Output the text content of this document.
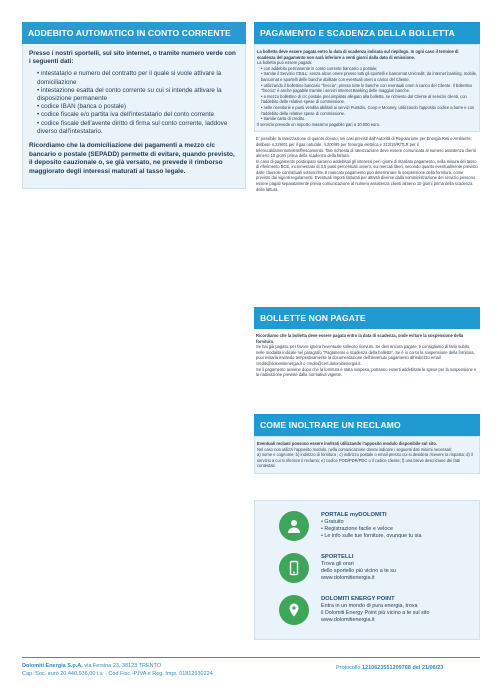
ADDEBITO AUTOMATICO IN CONTO CORRENTE

Presso i nostri sportelli, sul sito internet, o tramite numero verde con i seguenti dati:

• intestatario e numero del contratto per il quale si vuole attivare la domiciliazione
• intestazione esatta del conto corrente su cui si intende attivare la disposizione permanente
• codice IBAN (banca o postale)
• codice fiscale e/o partita iva dell'intestatario del conto corrente
• codice fiscale dell'avente diritto di firma sul conto corrente, laddove diverso dall'intestatario.

Ricordiamo che la domiciliazione dei pagamenti a mezzo c/c bancario o postale (SEPADD) permette di evitare, quando previsto, il deposito cauzionale o, se già versato, ne prevede il rimborso maggiorato degli interessi maturati al tasso legale.

PAGAMENTO E SCADENZA DELLA BOLLETTA

La bolletta deve essere pagata entro la data di scadenza indicata sul riepilogo. In ogni caso il termine di scadenza del pagamento non sarà inferiore a venti giorni dalla data di emissione.

La bolletta può essere pagata:

• con addebito permanente in conto corrente bancario o postale;
• tramite il Servizio CBILL: senza alcun onere presso tutti gli sportelli e bancomat Unicredit; da internet banking, mobile, bancomat e sportelli delle banche abilitate con eventuali oneri a carico del Cliente.
• utilizzando il bollettino bancario "freccia", presso tutte le banche con eventuali oneri a carico del Cliente. Il bollettino "freccia" è anche pagabile tramite i servizi Internet Banking delle maggiori banche.
• a mezzo bollettino di c/c postale precompilato allegato alla bolletta, se richiesto dal Cliente al servizio clienti, con l'addebito delle relative spese di commissione.
• nelle ricevitorie e punti vendita abilitati ai servizi Puntolis, Coop e Mooney, utilizzando l'apposito codice a barre e con l'addebito delle relative spese di commissione.
• tramite carta di credito.

Il servizio prevede un importo massimo pagabile pari a 10.000 euro.

E' possibile la rateizzazione di quanto dovuto, nei casi previsti dall'Autorità di Regolazione per Energia Reti e Ambiente; delibere n.229/01 per il gas naturale, n.200/99 per l'energia elettrica e 313/19/R/TLR per il teleriscaldamento/teleraffrescamento. Tale richiesta di rateizzazione deve essere comunicata al numero assistenza clienti almeno 10 giorni prima della scadenza della fattura.

In caso di pagamento posticipato saranno addebitati gli interessi per i giorni di ritardato pagamento, nella misura del tasso di riferimento BCE, incrementato di 3,5 punti percentuali ovvero, sui mercati liberi, secondo quanto eventualmente previsto dalle clausole contrattuali sottoscritte. Il mancato pagamento può determinare la sospensione della fornitura, come previsto dai vigenti regolamenti. Eventuali importi fatturati per attività diverse dalla somministrazione del servizio possono essere pagati separatamente previa comunicazione al numero assistenza clienti almeno 10 giorni prima della scadenza della fattura.

BOLLETTE NON PAGATE

Ricordiamo che la bolletta deve essere pagata entro la data di scadenza, onde evitare la sospensione della fornitura.

Se hai già pagato, per favore ignora l'eventuale sollecito ricevuto. Se devi ancora pagare, ti consigliamo di farlo subito, nelle modalità indicate nel paragrafo "Pagamento e scadenza della bolletta". Se è in corso la sospensione della fornitura, puoi evitarla inviando tempestivamente la documentazione dell'avvenuto pagamento all'indirizzo email crediti@dolomitienergia.it o crediti@cert.dolomitienergia.it.

Se il pagamento avviene dopo che la fornitura è stata sospesa, potranno esserti addebitate le spese per la sospensione e la riattivazione previste dalla normativa vigente.

COME INOLTRARE UN RECLAMO

Eventuali reclami possono essere inoltrati utilizzando l'apposito modulo disponibile sul sito.

Nel caso non utilizzi l'apposito modulo, nella comunicazione dovrai indicare i seguenti dati minimi necessari:

a) nome e cognome; b) indirizzo di fornitura ; c) indirizzo postale o email presso cui si desidera ricevere la risposta; d) il servizio a cui si riferisce il reclamo; e) codice POD/PDR/PDC o il codice cliente; f) una breve descrizione dei fatti contestati.

PORTALE myDOLOMITI
• Gratuito
• Registrazione facile e veloce
• Le info sulle tue forniture, ovunque tu sia
SPORTELLI
Trova gli orari
dello sportello più vicino a te su
www.dolomitienergia.it
DOLOMITI ENERGY POINT
Entra in un mondo di pura energia, trova
il Dolomiti Energy Point più vicino a te sul sito
www.dolomitienergia.it
Dolomiti Energia S.p.A. via Fersina 23, 38123 TRENTO
Cap. Soc. euro 20.440.936,00 i.v. - Cod Fisc.-P.IVA e Reg. Impr. 01812630224
Protocollo 1210623551209768 del 21/06/23
